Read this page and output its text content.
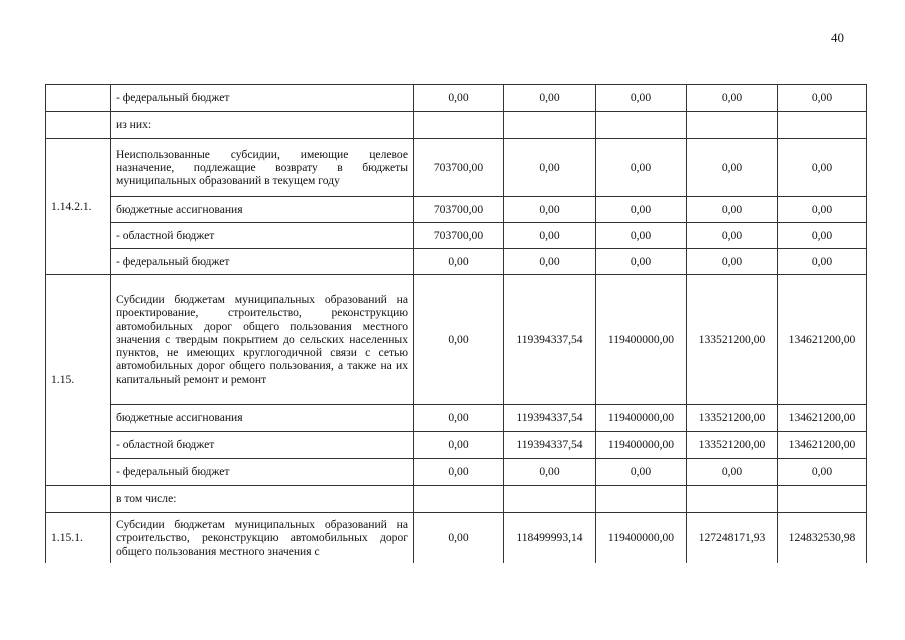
40
	- федеральный бюджет	0,00	0,00	0,00	0,00	0,00
	из них:					
1.14.2.1.	Неиспользованные субсидии, имеющие целевое назначение, подлежащие возврату в бюджеты муниципальных образований в текущем году	703700,00	0,00	0,00	0,00	0,00
	бюджетные ассигнования	703700,00	0,00	0,00	0,00	0,00
	- областной бюджет	703700,00	0,00	0,00	0,00	0,00
	- федеральный бюджет	0,00	0,00	0,00	0,00	0,00
1.15.	Субсидии бюджетам муниципальных образований на проектирование, строительство, реконструкцию автомобильных дорог общего пользования местного значения с твердым покрытием до сельских населенных пунктов, не имеющих круглогодичной связи с сетью автомобильных дорог общего пользования, а также на их капитальный ремонт и ремонт	0,00	119394337,54	119400000,00	133521200,00	134621200,00
	бюджетные ассигнования	0,00	119394337,54	119400000,00	133521200,00	134621200,00
	- областной бюджет	0,00	119394337,54	119400000,00	133521200,00	134621200,00
	- федеральный бюджет	0,00	0,00	0,00	0,00	0,00
	в том числе:					
1.15.1.	Субсидии бюджетам муниципальных образований на строительство, реконструкцию автомобильных дорог общего пользования местного значения с	0,00	118499993,14	119400000,00	127248171,93	124832530,98
